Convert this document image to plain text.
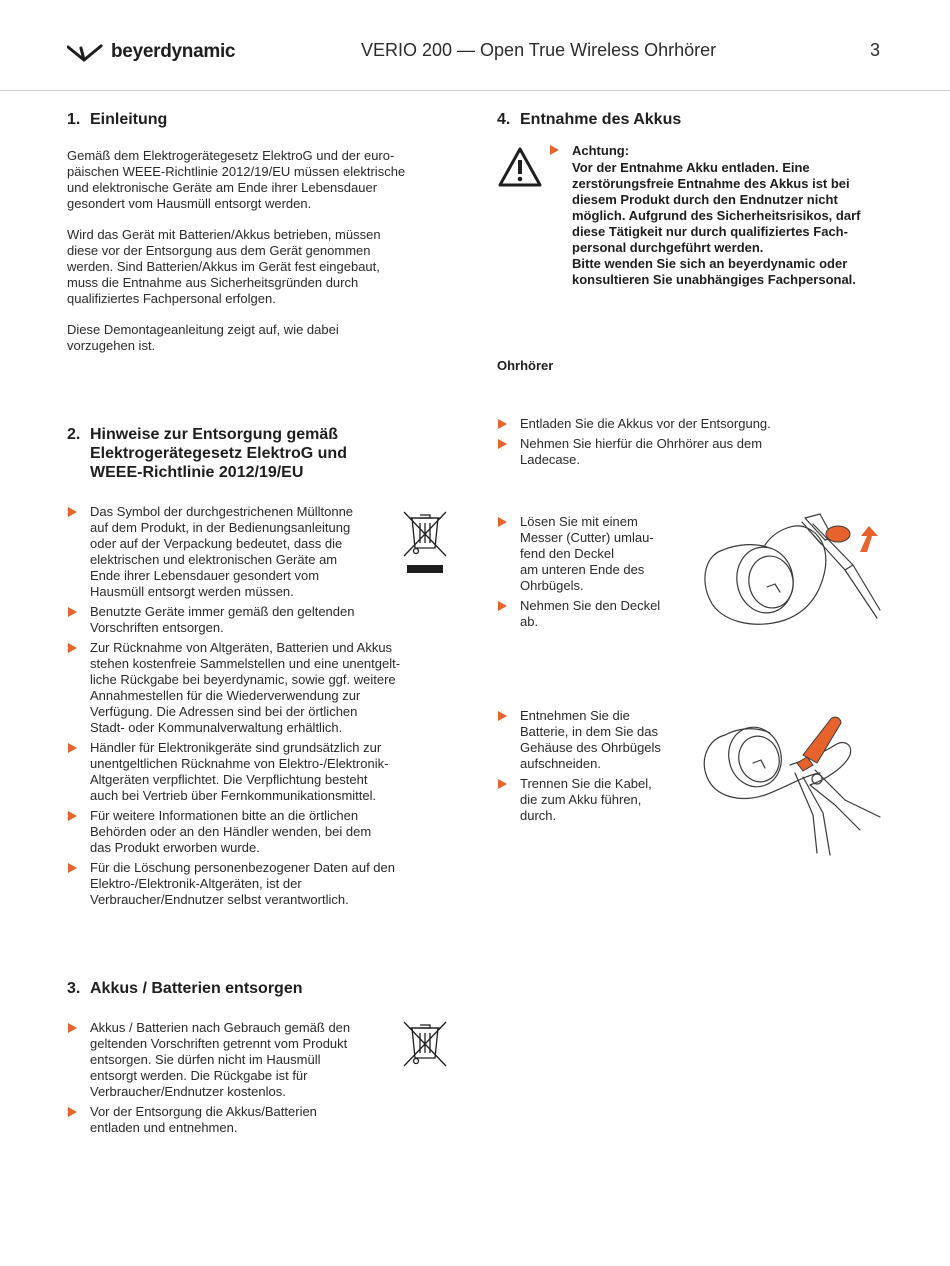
beyerdynamic	VERIO 200 — Open True Wireless Ohrhörer	3
1. Einleitung
Gemäß dem Elektrogerätegesetz ElektroG und der euro-
päischen WEEE-Richtlinie 2012/19/EU müssen elektrische
und elektronische Geräte am Ende ihrer Lebensdauer
gesondert vom Hausmüll entsorgt werden.
Wird das Gerät mit Batterien/Akkus betrieben, müssen
diese vor der Entsorgung aus dem Gerät genommen
werden. Sind Batterien/Akkus im Gerät fest eingebaut,
muss die Entnahme aus Sicherheitsgründen durch
qualifiziertes Fachpersonal erfolgen.
Diese Demontageanleitung zeigt auf, wie dabei
vorzugehen ist.
2. Hinweise zur Entsorgung gemäß
Elektrogerätegesetz ElektroG und
WEEE-Richtlinie 2012/19/EU
Das Symbol der durchgestrichenen Mülltonne
auf dem Produkt, in der Bedienungsanleitung
oder auf der Verpackung bedeutet, dass die
elektrischen und elektronischen Geräte am
Ende ihrer Lebensdauer gesondert vom
Hausmüll entsorgt werden müssen.
Benutzte Geräte immer gemäß den geltenden
Vorschriften entsorgen.
Zur Rücknahme von Altgeräten, Batterien und Akkus
stehen kostenfreie Sammelstellen und eine unentgelt-
liche Rückgabe bei beyerdynamic, sowie ggf. weitere
Annahmestellen für die Wiederverwendung zur
Verfügung. Die Adressen sind bei der örtlichen
Stadt- oder Kommunalverwaltung erhältlich.
Händler für Elektronikgeräte sind grundsätzlich zur
unentgeltlichen Rücknahme von Elektro-/Elektronik-
Altgeräten verpflichtet. Die Verpflichtung besteht
auch bei Vertrieb über Fernkommunikationsmittel.
Für weitere Informationen bitte an die örtlichen
Behörden oder an den Händler wenden, bei dem
das Produkt erworben wurde.
Für die Löschung personenbezogener Daten auf den
Elektro-/Elektronik-Altgeräten, ist der
Verbraucher/Endnutzer selbst verantwortlich.
3. Akkus / Batterien entsorgen
Akkus / Batterien nach Gebrauch gemäß den
geltenden Vorschriften getrennt vom Produkt
entsorgen. Sie dürfen nicht im Hausmüll
entsorgt werden. Die Rückgabe ist für
Verbraucher/Endnutzer kostenlos.
Vor der Entsorgung die Akkus/Batterien
entladen und entnehmen.
4. Entnahme des Akkus
Achtung:
Vor der Entnahme Akku entladen. Eine
zerstörungsfreie Entnahme des Akkus ist bei
diesem Produkt durch den Endnutzer nicht
möglich. Aufgrund des Sicherheitsrisikos, darf
diese Tätigkeit nur durch qualifiziertes Fach-
personal durchgeführt werden.
Bitte wenden Sie sich an beyerdynamic oder
konsultieren Sie unabhängiges Fachpersonal.
Ohrhörer
Entladen Sie die Akkus vor der Entsorgung.
Nehmen Sie hierfür die Ohrhörer aus dem
Ladecase.
Lösen Sie mit einem
Messer (Cutter) umlau-
fend den Deckel
am unteren Ende des
Ohrbügels.
Nehmen Sie den Deckel
ab.
Entnehmen Sie die
Batterie, in dem Sie das
Gehäuse des Ohrbügels
aufschneiden.
Trennen Sie die Kabel,
die zum Akku führen,
durch.
